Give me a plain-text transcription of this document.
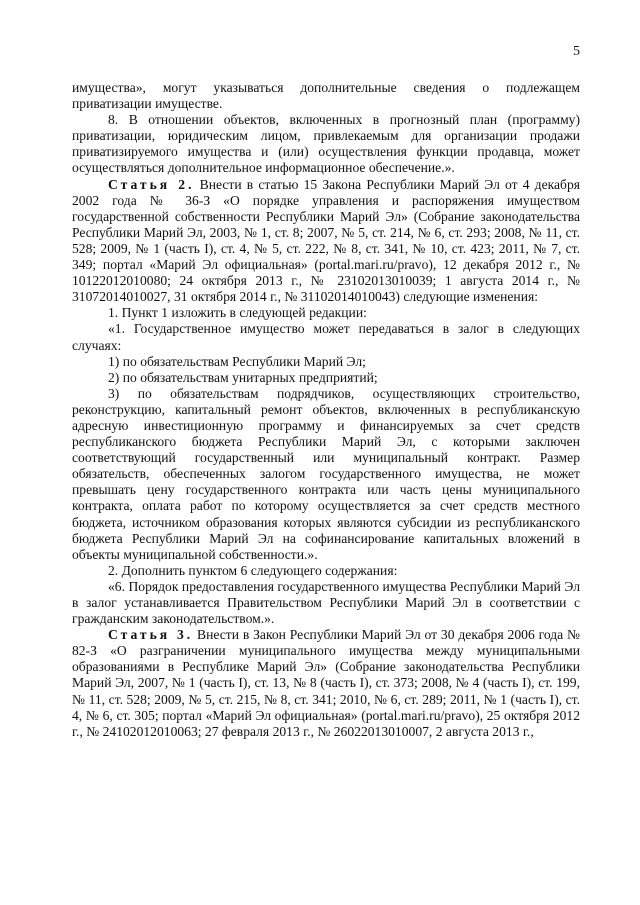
5

имущества», могут указываться дополнительные сведения о подлежащем приватизации имуществе.

8. В отношении объектов, включенных в прогнозный план (программу) приватизации, юридическим лицом, привлекаемым для организации продажи приватизируемого имущества и (или) осуществления функции продавца, может осуществляться дополнительное информационное обеспечение.».

Статья 2. Внести в статью 15 Закона Республики Марий Эл от 4 декабря 2002 года № 36-З «О порядке управления и распоряжения имуществом государственной собственности Республики Марий Эл» (Собрание законодательства Республики Марий Эл, 2003, № 1, ст. 8; 2007, № 5, ст. 214, № 6, ст. 293; 2008, № 11, ст. 528; 2009, № 1 (часть I), ст. 4, № 5, ст. 222, № 8, ст. 341, № 10, ст. 423; 2011, № 7, ст. 349; портал «Марий Эл официальная» (portal.mari.ru/pravo), 12 декабря 2012 г., № 10122012010080; 24 октября 2013 г., № 23102013010039; 1 августа 2014 г., № 31072014010027, 31 октября 2014 г., № 31102014010043) следующие изменения:

1. Пункт 1 изложить в следующей редакции:

«1. Государственное имущество может передаваться в залог в следующих случаях:

1) по обязательствам Республики Марий Эл;

2) по обязательствам унитарных предприятий;

3) по обязательствам подрядчиков, осуществляющих строительство, реконструкцию, капитальный ремонт объектов, включенных в республиканскую адресную инвестиционную программу и финансируемых за счет средств республиканского бюджета Республики Марий Эл, с которыми заключен соответствующий государственный или муниципальный контракт. Размер обязательств, обеспеченных залогом государственного имущества, не может превышать цену государственного контракта или часть цены муниципального контракта, оплата работ по которому осуществляется за счет средств местного бюджета, источником образования которых являются субсидии из республиканского бюджета Республики Марий Эл на софинансирование капитальных вложений в объекты муниципальной собственности.».

2. Дополнить пунктом 6 следующего содержания:

«6. Порядок предоставления государственного имущества Республики Марий Эл в залог устанавливается Правительством Республики Марий Эл в соответствии с гражданским законодательством.».

Статья 3. Внести в Закон Республики Марий Эл от 30 декабря 2006 года № 82-З «О разграничении муниципального имущества между муниципальными образованиями в Республике Марий Эл» (Собрание законодательства Республики Марий Эл, 2007, № 1 (часть I), ст. 13, № 8 (часть I), ст. 373; 2008, № 4 (часть I), ст. 199, № 11, ст. 528; 2009, № 5, ст. 215, № 8, ст. 341; 2010, № 6, ст. 289; 2011, № 1 (часть I), ст. 4, № 6, ст. 305; портал «Марий Эл официальная» (portal.mari.ru/pravo), 25 октября 2012 г., № 24102012010063; 27 февраля 2013 г., № 26022013010007, 2 августа 2013 г.,
